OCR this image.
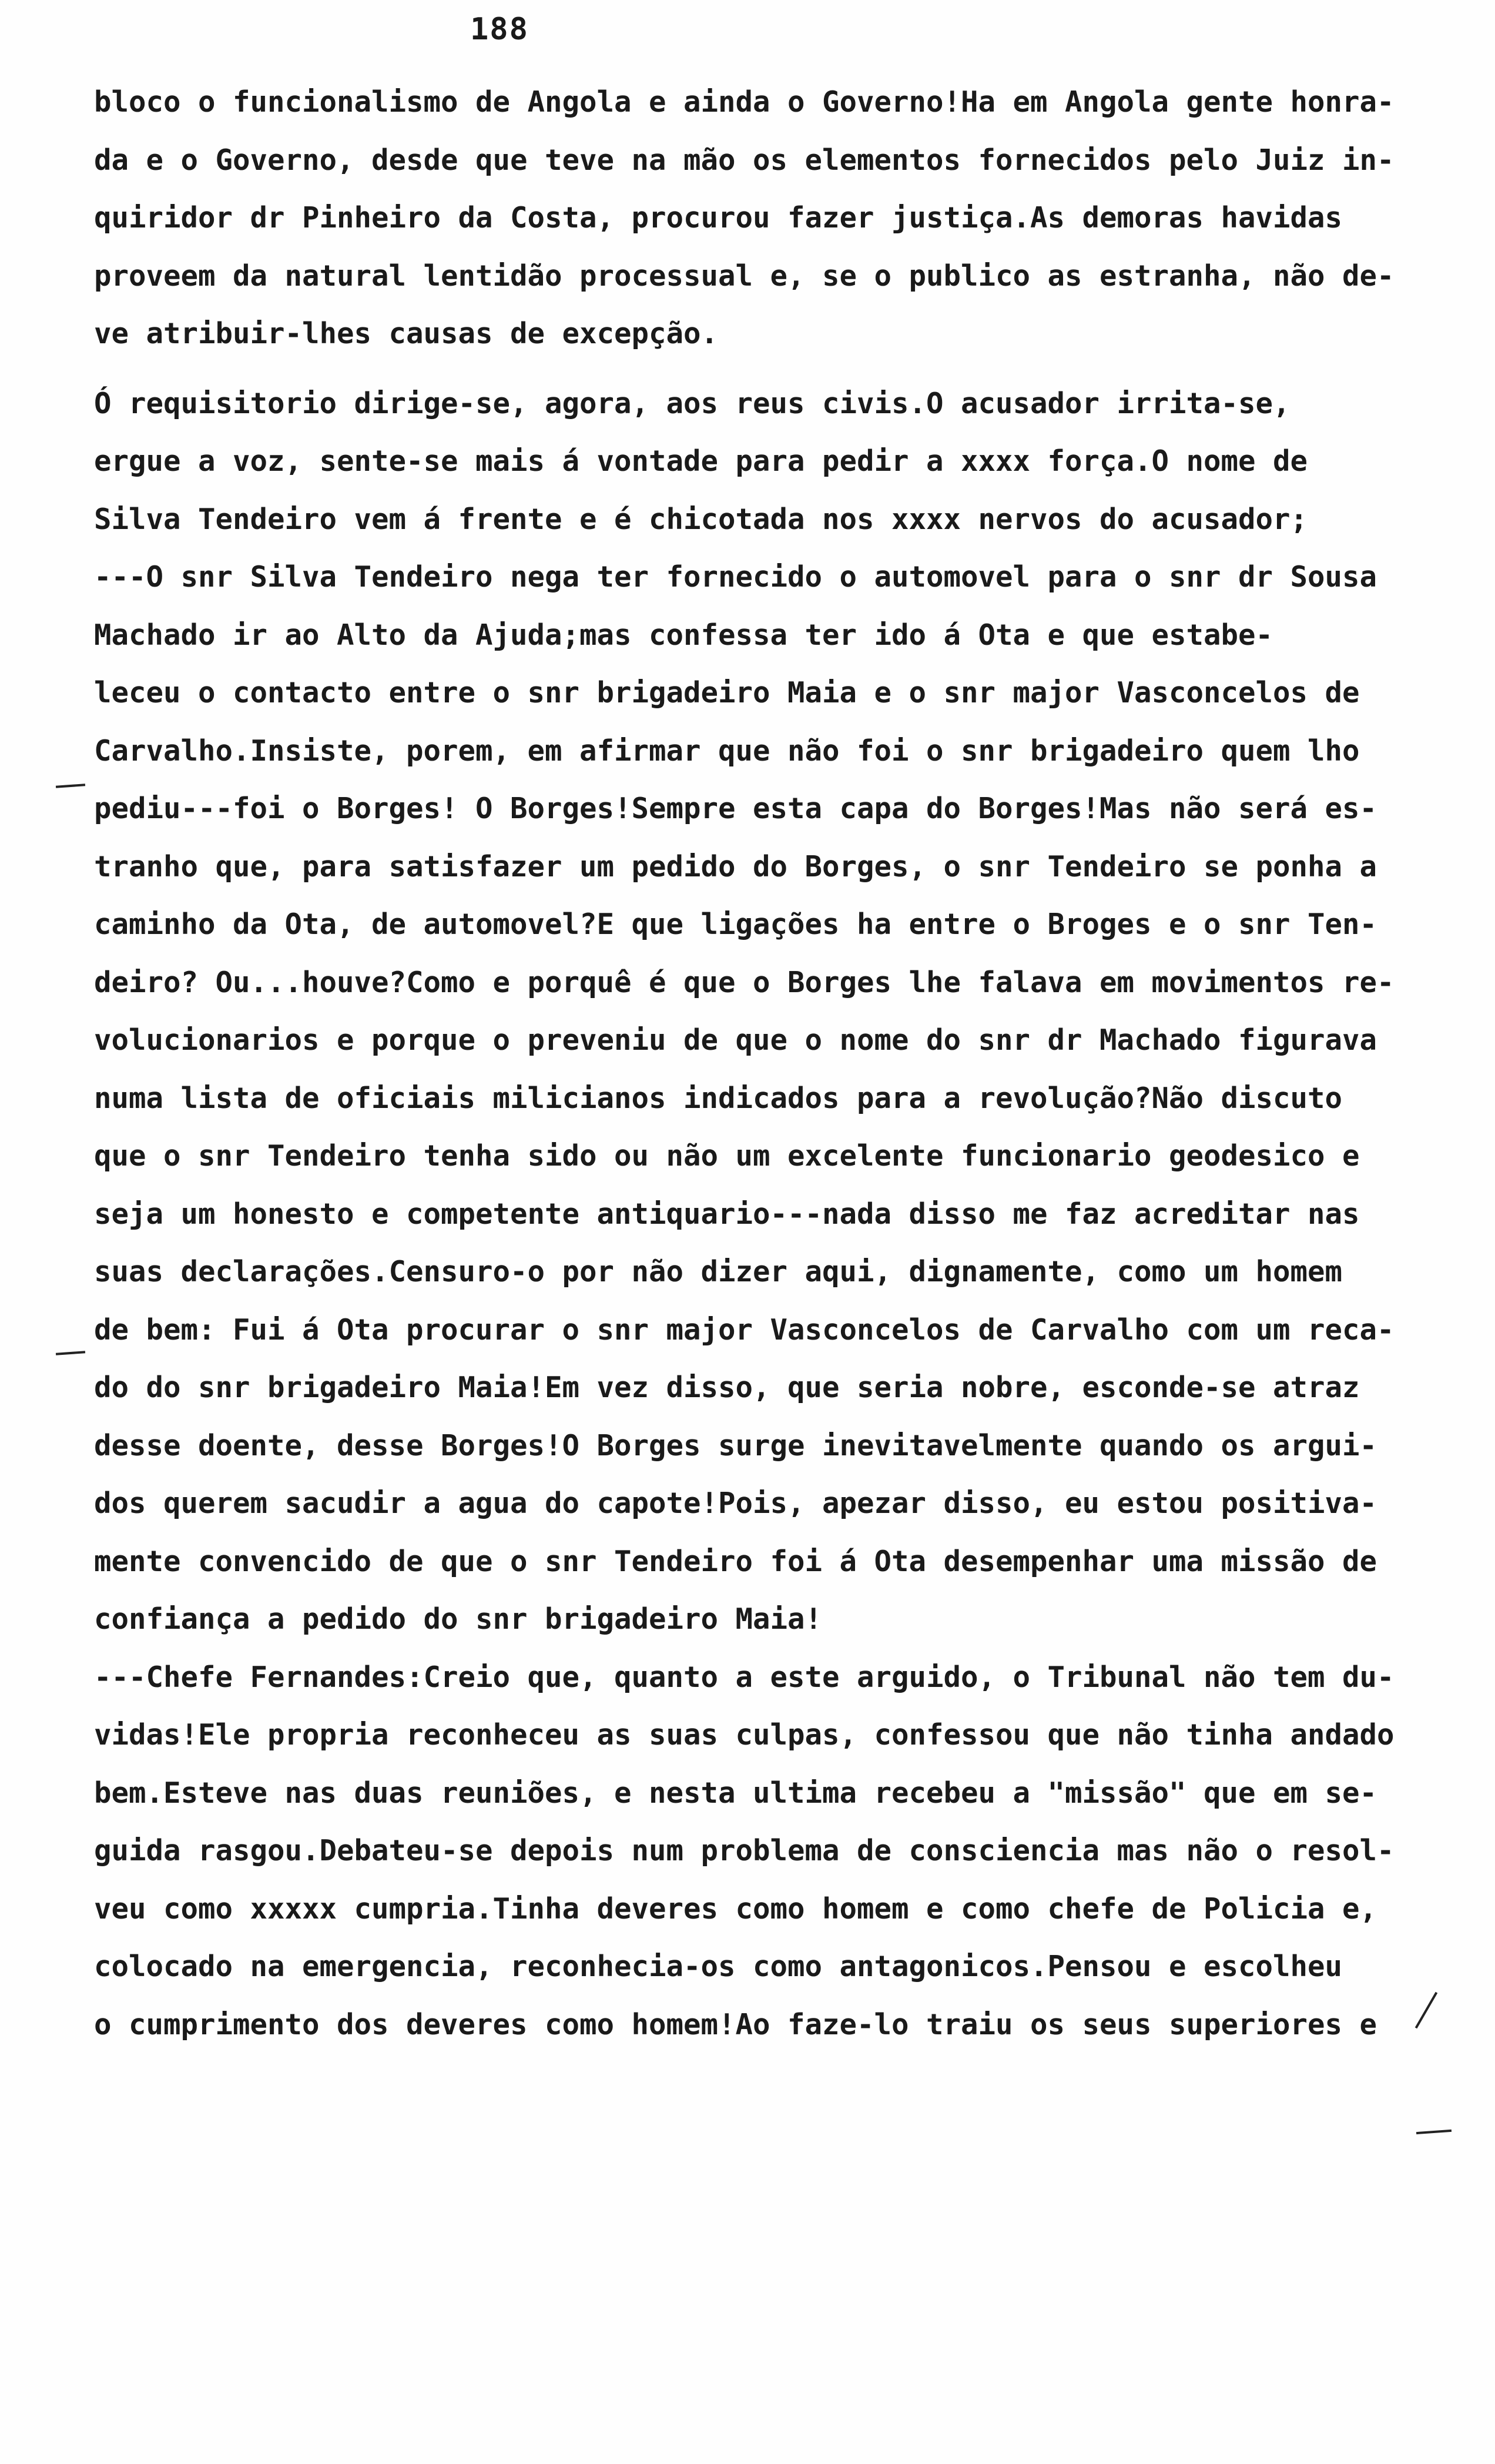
188
bloco o funcionalismo de Angola e ainda o Governo!Ha em Angola gente honra-
da e o Governo, desde que teve na mão os elementos fornecidos pelo Juiz in-
quiridor dr Pinheiro da Costa, procurou fazer justiça.As demoras havidas
proveem da natural lentidão processual e, se o publico as estranha, não de-
ve atribuir-lhes causas de excepção.
Ó requisitorio dirige-se, agora, aos reus civis.O acusador irrita-se,
ergue a voz, sente-se mais á vontade para pedir a xxxx força.O nome de
Silva Tendeiro vem á frente e é chicotada nos xxxx nervos do acusador;
---O snr Silva Tendeiro nega ter fornecido o automovel para o snr dr Sousa
Machado ir ao Alto da Ajuda;mas confessa ter ido á Ota e que estabe-
leceu o contacto entre o snr brigadeiro Maia e o snr major Vasconcelos de
Carvalho.Insiste, porem, em afirmar que não foi o snr brigadeiro quem lho
pediu---foi o Borges! O Borges!Sempre esta capa do Borges!Mas não será es-
tranho que, para satisfazer um pedido do Borges, o snr Tendeiro se ponha a
caminho da Ota, de automovel?E que ligações ha entre o Broges e o snr Ten-
deiro? Ou...houve?Como e porquê é que o Borges lhe falava em movimentos re-
volucionarios e porque o preveniu de que o nome do snr dr Machado figurava
numa lista de oficiais milicianos indicados para a revolução?Não discuto
que o snr Tendeiro tenha sido ou não um excelente funcionario geodesico e
seja um honesto e competente antiquario---nada disso me faz acreditar nas
suas declarações.Censuro-o por não dizer aqui, dignamente, como um homem
de bem: Fui á Ota procurar o snr major Vasconcelos de Carvalho com um reca-
do do snr brigadeiro Maia!Em vez disso, que seria nobre, esconde-se atraz
desse doente, desse Borges!O Borges surge inevitavelmente quando os argui-
dos querem sacudir a agua do capote!Pois, apezar disso, eu estou positiva-
mente convencido de que o snr Tendeiro foi á Ota desempenhar uma missão de
confiança a pedido do snr brigadeiro Maia!
---Chefe Fernandes:Creio que, quanto a este arguido, o Tribunal não tem du-
vidas!Ele propria reconheceu as suas culpas, confessou que não tinha andado
bem.Esteve nas duas reuniões, e nesta ultima recebeu a "missão" que em se-
guida rasgou.Debateu-se depois num problema de consciencia mas não o resol-
veu como xxxxx cumpria.Tinha deveres como homem e como chefe de Policia e,
colocado na emergencia, reconhecia-os como antagonicos.Pensou e escolheu
o cumprimento dos deveres como homem!Ao faze-lo traiu os seus superiores e
